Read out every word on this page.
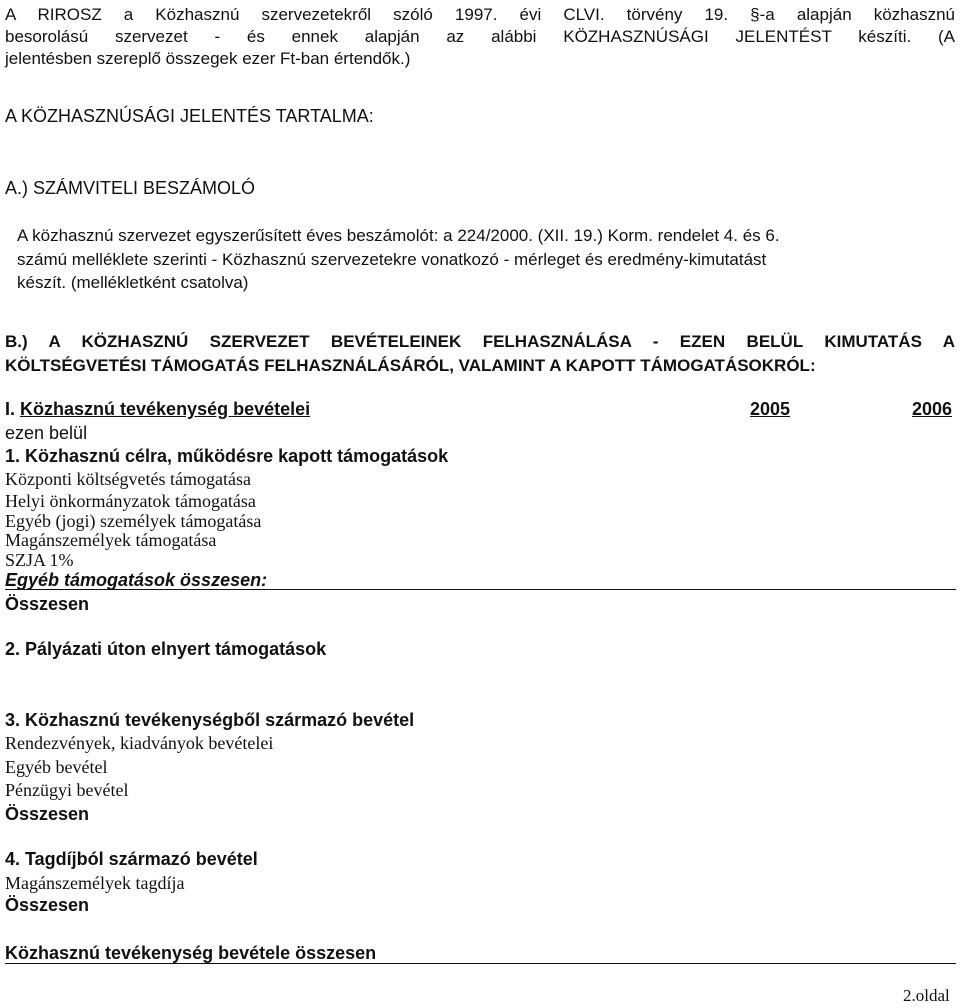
A RIROSZ a Közhasznú szervezetekről szóló 1997. évi CLVI. törvény 19. §-a alapján közhasznú
besorolású szervezet - és ennek alapján az alábbi KÖZHASZNÚSÁGI JELENTÉST készíti. (A
jelentésben szereplő összegek ezer Ft-ban értendők.)
A KÖZHASZNÚSÁGI JELENTÉS TARTALMA:
A.) SZÁMVITELI BESZÁMOLÓ
A közhasznú szervezet egyszerűsített éves beszámolót: a 224/2000. (XII. 19.) Korm. rendelet 4. és 6.
számú melléklete szerinti - Közhasznú szervezetekre vonatkozó - mérleget és eredmény-kimutatást
készít. (mellékletként csatolva)
B.) A KÖZHASZNÚ SZERVEZET BEVÉTELEINEK FELHASZNÁLÁSA - EZEN BELÜL KIMUTATÁS A
KÖLTSÉGVETÉSI TÁMOGATÁS FELHASZNÁLÁSÁRÓL, VALAMINT A KAPOTT TÁMOGATÁSOKRÓL:
I. Közhasznú tevékenység bevételei	2005	2006
ezen belül
1. Közhasznú célra, működésre kapott támogatások
Központi költségvetés támogatása
Helyi önkormányzatok támogatása
Egyéb (jogi) személyek támogatása
Magánszemélyek támogatása
SZJA 1%
Egyéb támogatások összesen:
Összesen
2. Pályázati úton elnyert támogatások
3. Közhasznú tevékenységből származó bevétel
Rendezvények, kiadványok bevételei
Egyéb bevétel
Pénzügyi bevétel
Összesen
4. Tagdíjból származó bevétel
Magánszemélyek tagdíja
Összesen
Közhasznú tevékenység bevétele összesen
2.oldal
